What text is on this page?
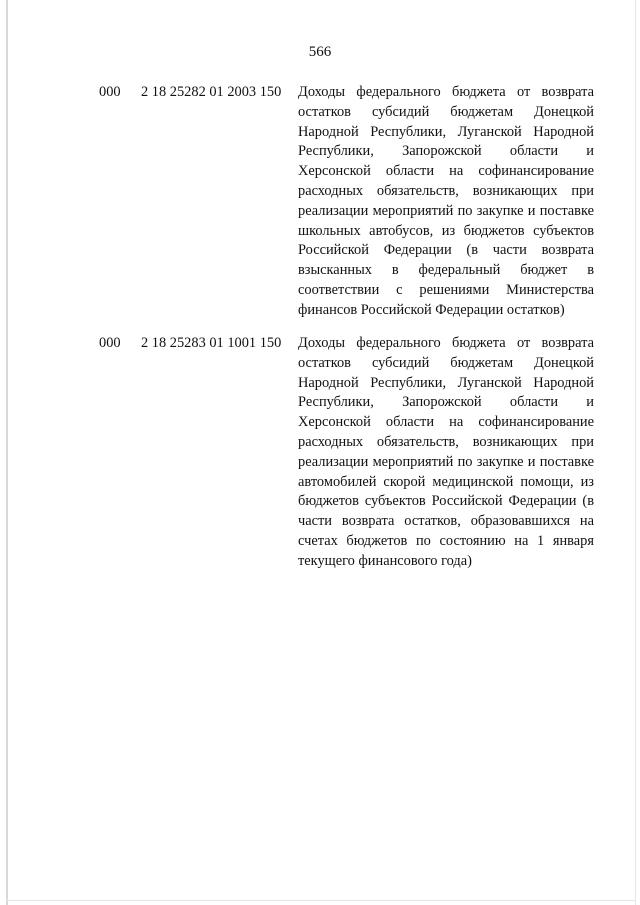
566
000 2 18 25282 01 2003 150 Доходы федерального бюджета от возврата остатков субсидий бюджетам Донецкой Народной Республики, Луганской Народной Республики, Запорожской области и Херсонской области на софинансирование расходных обязательств, возникающих при реализации мероприятий по закупке и поставке школьных автобусов, из бюджетов субъектов Российской Федерации (в части возврата взысканных в федеральный бюджет в соответствии с решениями Министерства финансов Российской Федерации остатков)
000 2 18 25283 01 1001 150 Доходы федерального бюджета от возврата остатков субсидий бюджетам Донецкой Народной Республики, Луганской Народной Республики, Запорожской области и Херсонской области на софинансирование расходных обязательств, возникающих при реализации мероприятий по закупке и поставке автомобилей скорой медицинской помощи, из бюджетов субъектов Российской Федерации (в части возврата остатков, образовавшихся на счетах бюджетов по состоянию на 1 января текущего финансового года)
